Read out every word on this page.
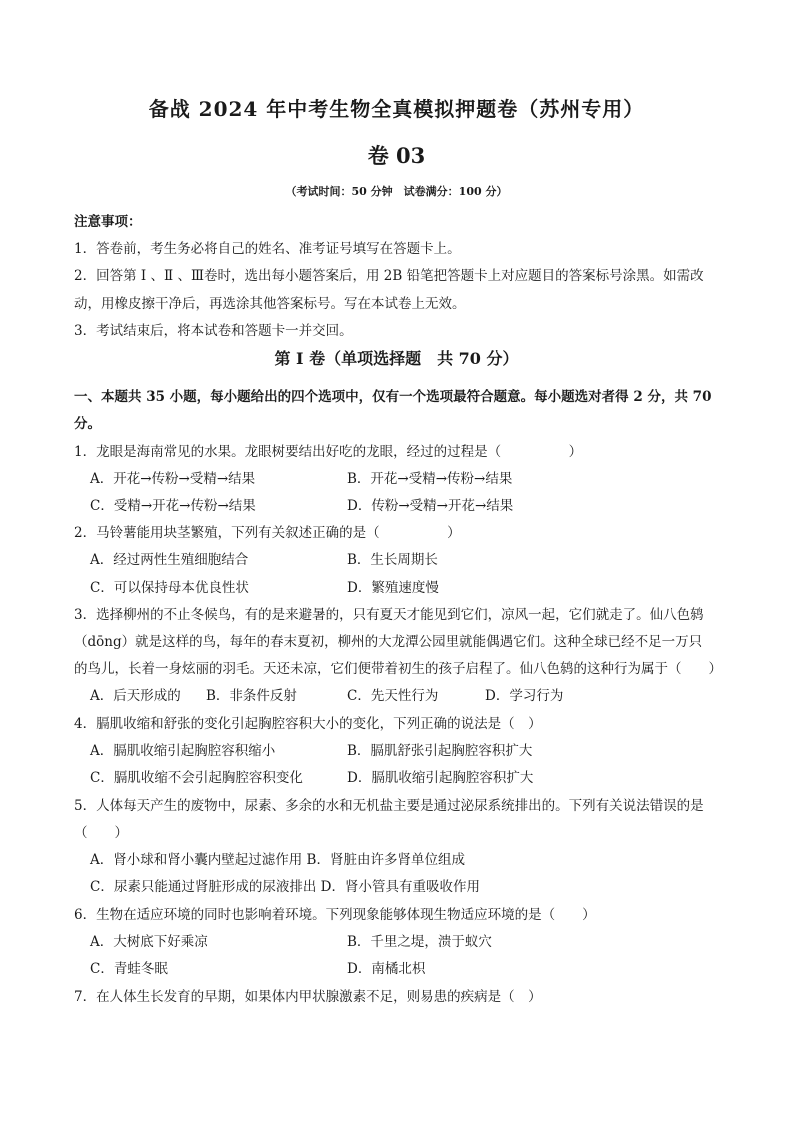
备战 2024 年中考生物全真模拟押题卷（苏州专用）
卷 03
（考试时间：50 分钟　试卷满分：100 分）
注意事项：
1．答卷前，考生务必将自己的姓名、准考证号填写在答题卡上。
2．回答第 Ⅰ 、Ⅱ 、Ⅲ卷时，选出每小题答案后，用 2B 铅笔把答题卡上对应题目的答案标号涂黑。如需改
动，用橡皮擦干净后，再选涂其他答案标号。写在本试卷上无效。
3．考试结束后，将本试卷和答题卡一并交回。
第 I 卷（单项选择题　共 70 分）
一、本题共 35 小题，每小题给出的四个选项中，仅有一个选项最符合题意。每小题选对者得 2 分，共 70
分。
1．龙眼是海南常见的水果。龙眼树要结出好吃的龙眼，经过的过程是（　　　　　）
A．开花→传粉→受精→结果	B．开花→受精→传粉→结果
C．受精→开花→传粉→结果	D．传粉→受精→开花→结果
2．马铃薯能用块茎繁殖，下列有关叙述正确的是（　　　　　）
A．经过两性生殖细胞结合	B．生长周期长
C．可以保持母本优良性状	D．繁殖速度慢
3．选择柳州的不止冬候鸟，有的是来避暑的，只有夏天才能见到它们，凉风一起，它们就走了。仙八色鸫
（dōng）就是这样的鸟，每年的春末夏初，柳州的大龙潭公园里就能偶遇它们。这种全球已经不足一万只
的鸟儿，长着一身炫丽的羽毛。天还未凉，它们便带着初生的孩子启程了。仙八色鸫的这种行为属于（　　）
A．后天形成的 B．非条件反射	C．先天性行为	D．学习行为
4．膈肌收缩和舒张的变化引起胸腔容积大小的变化，下列正确的说法是（　）
A．膈肌收缩引起胸腔容积缩小	B．膈肌舒张引起胸腔容积扩大
C．膈肌收缩不会引起胸腔容积变化	D．膈肌收缩引起胸腔容积扩大
5．人体每天产生的废物中，尿素、多余的水和无机盐主要是通过泌尿系统排出的。下列有关说法错误的是
（　　）
A．肾小球和肾小囊内壁起过滤作用 B．肾脏由许多肾单位组成
C．尿素只能通过肾脏形成的尿液排出 D．肾小管具有重吸收作用
6．生物在适应环境的同时也影响着环境。下列现象能够体现生物适应环境的是（　　）
A．大树底下好乘凉	B．千里之堤，溃于蚁穴
C．青蛙冬眠	D．南橘北枳
7．在人体生长发育的早期，如果体内甲状腺激素不足，则易患的疾病是（　）
